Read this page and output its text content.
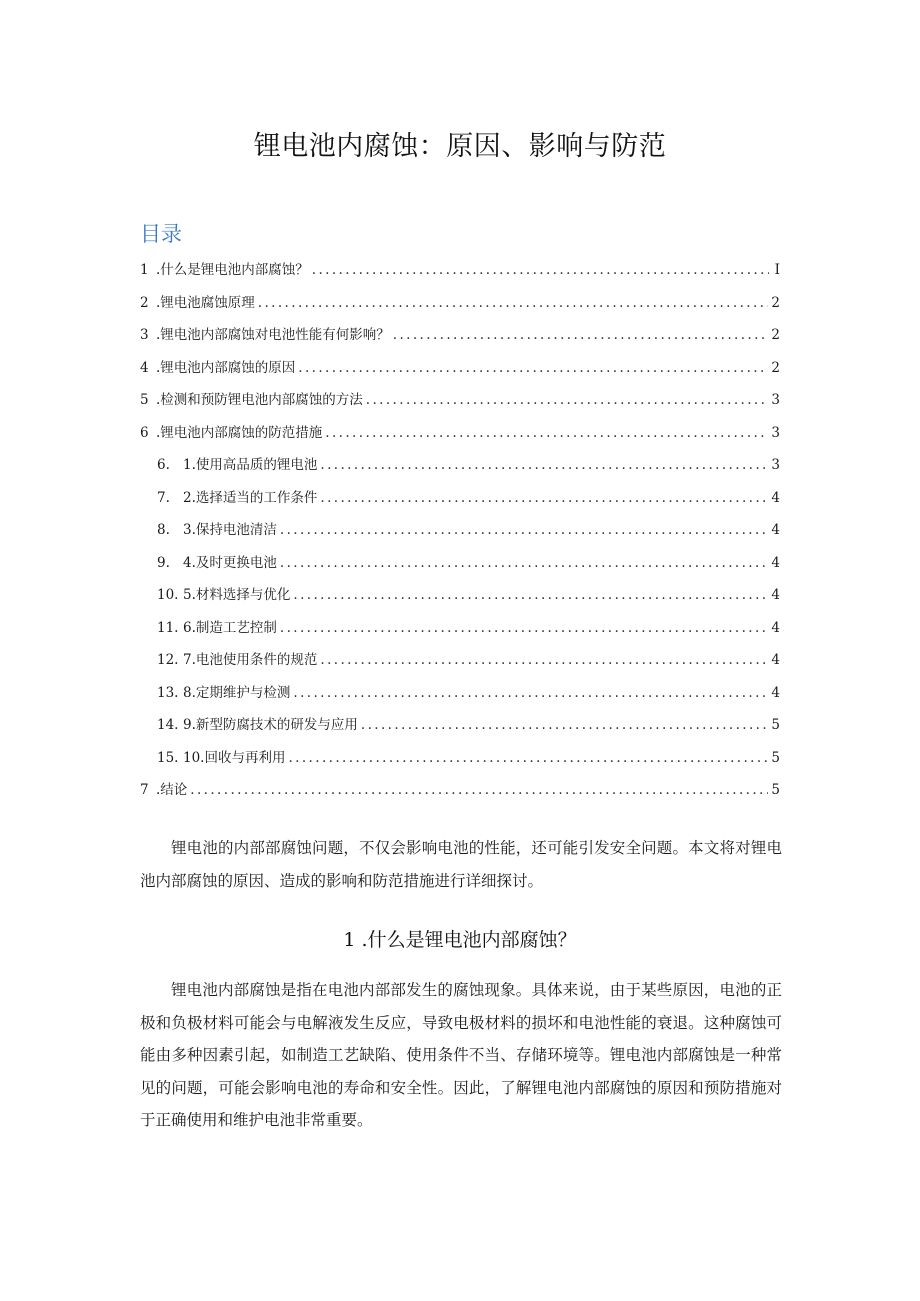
锂电池内腐蚀：原因、影响与防范
目录
1 .什么是锂电池内部腐蚀？ .....	I
2 .锂电池腐蚀原理 .....	2
3 .锂电池内部腐蚀对电池性能有何影响？ .....	2
4 .锂电池内部腐蚀的原因 .....	2
5 .检测和预防锂电池内部腐蚀的方法 .....	3
6 .锂电池内部腐蚀的防范措施 .....	3
6. 1.使用高品质的锂电池 .....	3
7. 2.选择适当的工作条件 .....	4
8. 3.保持电池清洁 .....	4
9. 4.及时更换电池 .....	4
10. 5.材料选择与优化 .....	4
11. 6.制造工艺控制 .....	4
12. 7.电池使用条件的规范 .....	4
13. 8.定期维护与检测 .....	4
14. 9.新型防腐技术的研发与应用 .....	5
15. 10.回收与再利用 .....	5
7 .结论 .....	5

锂电池的内部部腐蚀问题，不仅会影响电池的性能，还可能引发安全问题。本文将对锂电池内部腐蚀的原因、造成的影响和防范措施进行详细探讨。

1 .什么是锂电池内部腐蚀？

锂电池内部腐蚀是指在电池内部部发生的腐蚀现象。具体来说，由于某些原因，电池的正极和负极材料可能会与电解液发生反应，导致电极材料的损坏和电池性能的衰退。这种腐蚀可能由多种因素引起，如制造工艺缺陷、使用条件不当、存储环境等。锂电池内部腐蚀是一种常见的问题，可能会影响电池的寿命和安全性。因此，了解锂电池内部腐蚀的原因和预防措施对于正确使用和维护电池非常重要。
